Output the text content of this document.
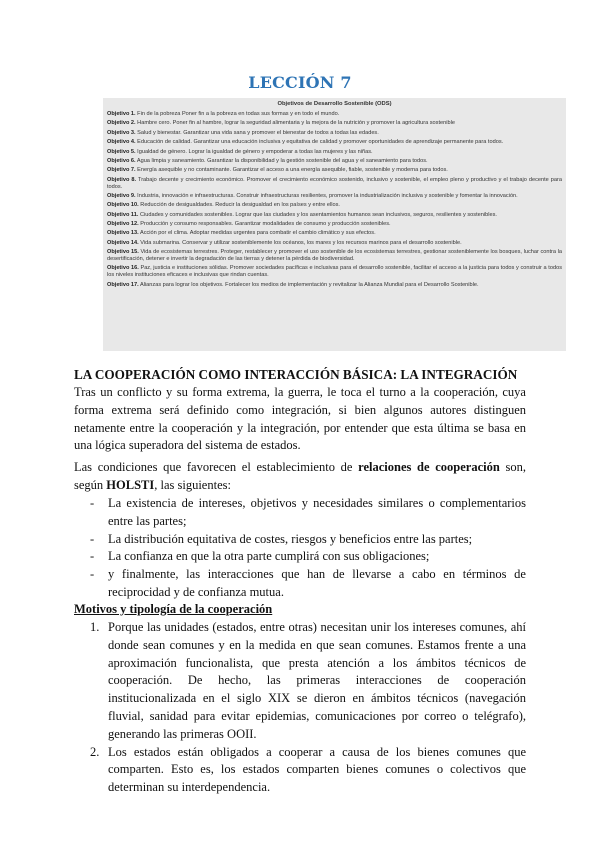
LECCIÓN 7
Objetivos de Desarrollo Sostenible (ODS)
Objetivo 1. Fin de la pobreza Poner fin a la pobreza en todas sus formas y en todo el mundo.
Objetivo 2. Hambre cero. Poner fin al hambre, lograr la seguridad alimentaria y la mejora de la nutrición y promover la agricultura sostenible
Objetivo 3. Salud y bienestar. Garantizar una vida sana y promover el bienestar de todos a todas las edades.
Objetivo 4. Educación de calidad. Garantizar una educación inclusiva y equitativa de calidad y promover oportunidades de aprendizaje permanente para todos.
Objetivo 5. Igualdad de género. Lograr la igualdad de género y empoderar a todas las mujeres y las niñas.
Objetivo 6. Agua limpia y saneamiento. Garantizar la disponibilidad y la gestión sostenible del agua y el saneamiento para todos.
Objetivo 7. Energía asequible y no contaminante. Garantizar el acceso a una energía asequible, fiable, sostenible y moderna para todos.
Objetivo 8. Trabajo decente y crecimiento económico. Promover el crecimiento económico sostenido, inclusivo y sostenible, el empleo pleno y productivo y el trabajo decente para todos.
Objetivo 9. Industria, innovación e infraestructuras. Construir infraestructuras resilientes, promover la industrialización inclusiva y sostenible y fomentar la innovación.
Objetivo 10. Reducción de desigualdades. Reducir la desigualdad en los países y entre ellos.
Objetivo 11. Ciudades y comunidades sostenibles. Lograr que las ciudades y los asentamientos humanos sean inclusivos, seguros, resilientes y sostenibles.
Objetivo 12. Producción y consumo responsables. Garantizar modalidades de consumo y producción sostenibles.
Objetivo 13. Acción por el clima. Adoptar medidas urgentes para combatir el cambio climático y sus efectos.
Objetivo 14. Vida submarina. Conservar y utilizar sosteniblemente los océanos, los mares y los recursos marinos para el desarrollo sostenible.
Objetivo 15. Vida de ecosistemas terrestres. Proteger, restablecer y promover el uso sostenible de los ecosistemas terrestres, gestionar sosteniblemente los bosques, luchar contra la desertificación, detener e invertir la degradación de las tierras y detener la pérdida de biodiversidad.
Objetivo 16. Paz, justicia e instituciones sólidas. Promover sociedades pacíficas e inclusivas para el desarrollo sostenible, facilitar el acceso a la justicia para todos y construir a todos los niveles instituciones eficaces e inclusivas que rindan cuentas.
Objetivo 17. Alianzas para lograr los objetivos. Fortalecer los medios de implementación y revitalizar la Alianza Mundial para el Desarrollo Sostenible.
LA COOPERACIÓN COMO INTERACCIÓN BÁSICA: LA INTEGRACIÓN
Tras un conflicto y su forma extrema, la guerra, le toca el turno a la cooperación, cuya forma extrema será definido como integración, si bien algunos autores distinguen netamente entre la cooperación y la integración, por entender que esta última se basa en una lógica superadora del sistema de estados.
Las condiciones que favorecen el establecimiento de relaciones de cooperación son, según HOLSTI, las siguientes:
- La existencia de intereses, objetivos y necesidades similares o complementarios entre las partes;
- La distribución equitativa de costes, riesgos y beneficios entre las partes;
- La confianza en que la otra parte cumplirá con sus obligaciones;
- y finalmente, las interacciones que han de llevarse a cabo en términos de reciprocidad y de confianza mutua.
Motivos y tipología de la cooperación
1. Porque las unidades (estados, entre otras) necesitan unir los intereses comunes, ahí donde sean comunes y en la medida en que sean comunes. Estamos frente a una aproximación funcionalista, que presta atención a los ámbitos técnicos de cooperación. De hecho, las primeras interacciones de cooperación institucionalizada en el siglo XIX se dieron en ámbitos técnicos (navegación fluvial, sanidad para evitar epidemias, comunicaciones por correo o telégrafo), generando las primeras OOII.
2. Los estados están obligados a cooperar a causa de los bienes comunes que comparten. Esto es, los estados comparten bienes comunes o colectivos que determinan su interdependencia.
